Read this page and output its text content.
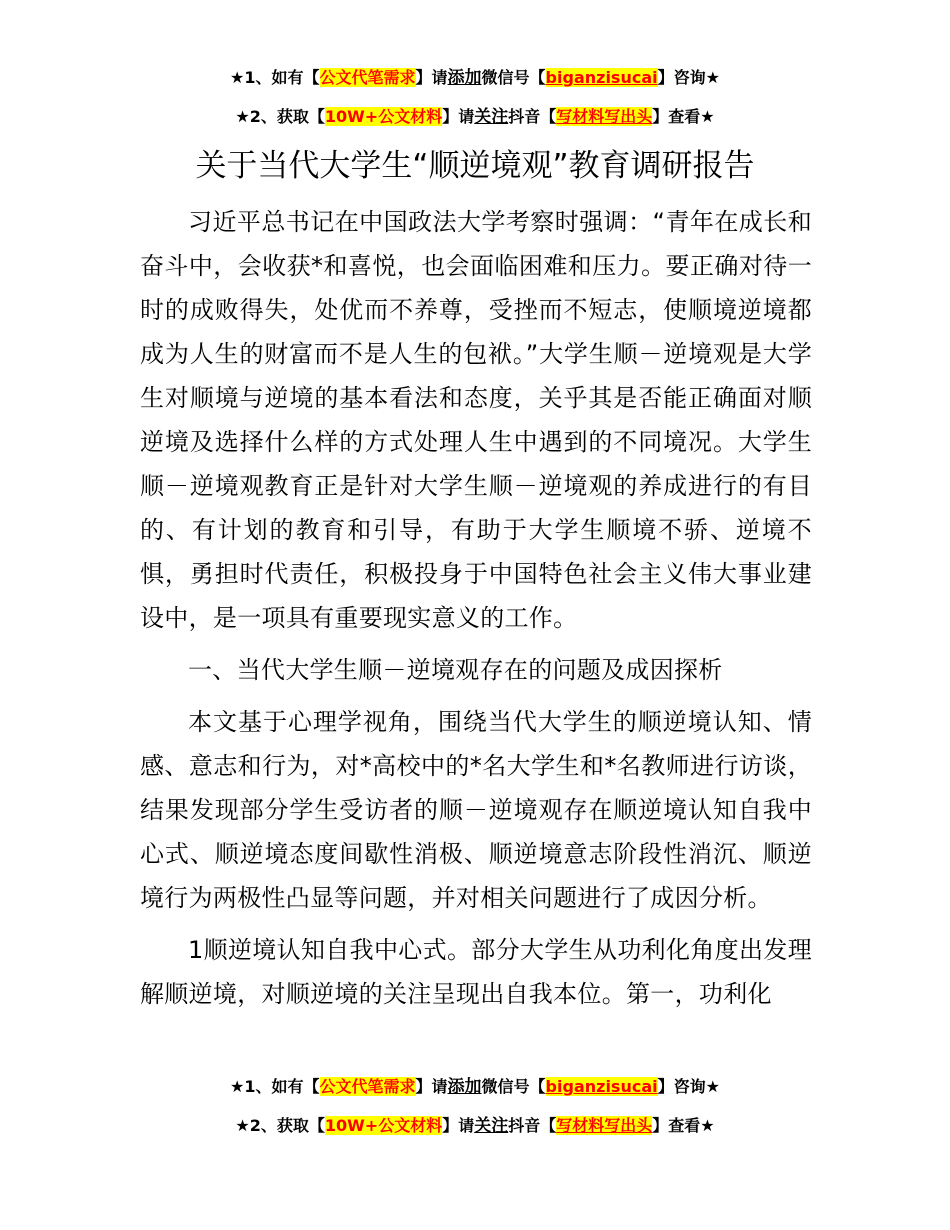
★1、如有【公文代笔需求】请添加微信号【biganzisucai】咨询★
★2、获取【10W+公文材料】请关注抖音【写材料写出头】查看★
关于当代大学生“顺逆境观”教育调研报告

习近平总书记在中国政法大学考察时强调：“青年在成长和奋斗中，会收获*和喜悦，也会面临困难和压力。要正确对待一时的成败得失，处优而不养尊，受挫而不短志，使顺境逆境都成为人生的财富而不是人生的包袱。”大学生顺－逆境观是大学生对顺境与逆境的基本看法和态度，关乎其是否能正确面对顺逆境及选择什么样的方式处理人生中遇到的不同境况。大学生顺－逆境观教育正是针对大学生顺－逆境观的养成进行的有目的、有计划的教育和引导，有助于大学生顺境不骄、逆境不惧，勇担时代责任，积极投身于中国特色社会主义伟大事业建设中，是一项具有重要现实意义的工作。

一、当代大学生顺－逆境观存在的问题及成因探析

本文基于心理学视角，围绕当代大学生的顺逆境认知、情感、意志和行为，对*高校中的*名大学生和*名教师进行访谈，结果发现部分学生受访者的顺－逆境观存在顺逆境认知自我中心式、顺逆境态度间歇性消极、顺逆境意志阶段性消沉、顺逆境行为两极性凸显等问题，并对相关问题进行了成因分析。

1顺逆境认知自我中心式。部分大学生从功利化角度出发理解顺逆境，对顺逆境的关注呈现出自我本位。第一，功利化

★1、如有【公文代笔需求】请添加微信号【biganzisucai】咨询★
★2、获取【10W+公文材料】请关注抖音【写材料写出头】查看★
